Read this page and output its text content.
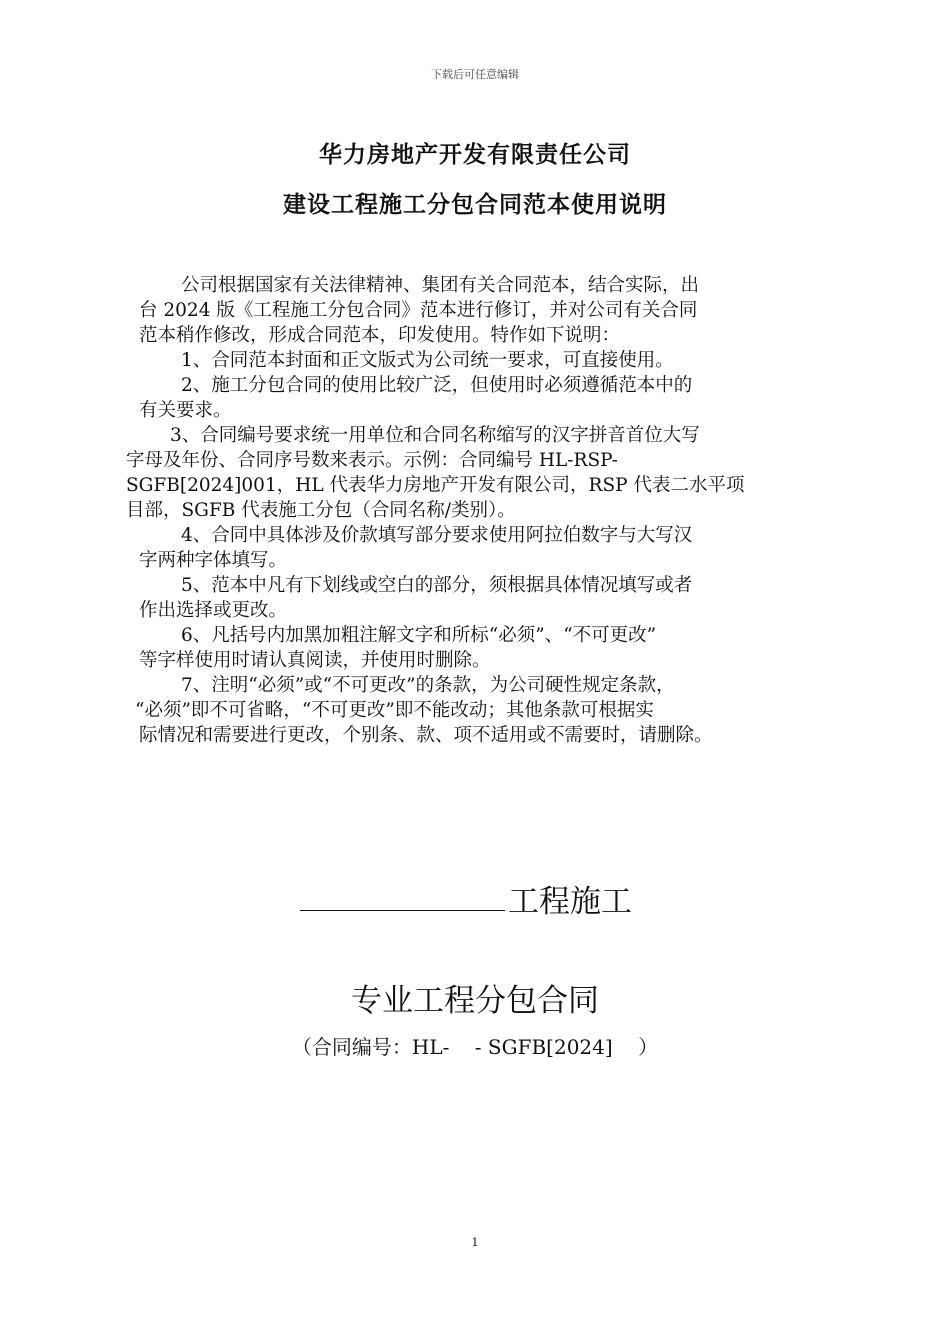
下载后可任意编辑
华力房地产开发有限责任公司
建设工程施工分包合同范本使用说明
公司根据国家有关法律精神、集团有关合同范本，结合实际，出
台 2024 版《工程施工分包合同》范本进行修订，并对公司有关合同
范本稍作修改，形成合同范本，印发使用。特作如下说明：
1、合同范本封面和正文版式为公司统一要求，可直接使用。
2、施工分包合同的使用比较广泛，但使用时必须遵循范本中的
有关要求。
3、合同编号要求统一用单位和合同名称缩写的汉字拼音首位大写
字母及年份、合同序号数来表示。示例：合同编号 HL-RSP-
SGFB[2024]001，HL 代表华力房地产开发有限公司，RSP 代表二水平项
目部，SGFB 代表施工分包（合同名称/类别）。
4、合同中具体涉及价款填写部分要求使用阿拉伯数字与大写汉
字两种字体填写。
5、范本中凡有下划线或空白的部分，须根据具体情况填写或者
作出选择或更改。
6、凡括号内加黑加粗注解文字和所标“必须”、“不可更改”
等字样使用时请认真阅读，并使用时删除。
7、注明“必须”或“不可更改”的条款，为公司硬性规定条款，
“必须”即不可省略，“不可更改”即不能改动；其他条款可根据实
际情况和需要进行更改，个别条、款、项不适用或不需要时，请删除。
工程施工
专业工程分包合同
（合同编号：HL-    - SGFB[2024]    ）
1
